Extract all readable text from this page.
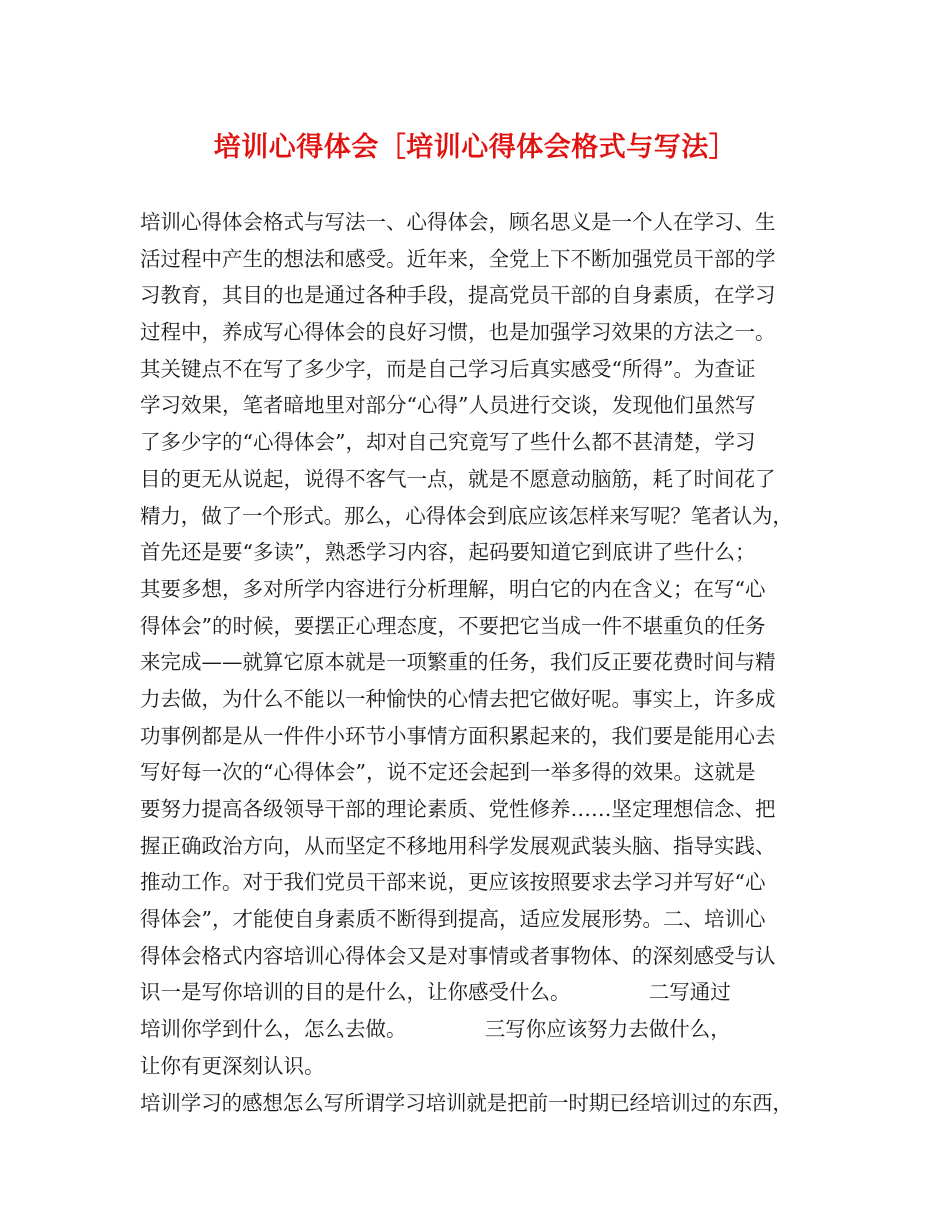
培训心得体会［培训心得体会格式与写法］
培训心得体会格式与写法一、心得体会，顾名思义是一个人在学习、生
活过程中产生的想法和感受。近年来，全党上下不断加强党员干部的学
习教育，其目的也是通过各种手段，提高党员干部的自身素质，在学习
过程中，养成写心得体会的良好习惯，也是加强学习效果的方法之一。
其关键点不在写了多少字，而是自己学习后真实感受“所得”。为查证
学习效果，笔者暗地里对部分“心得”人员进行交谈，发现他们虽然写
了多少字的“心得体会”，却对自己究竟写了些什么都不甚清楚，学习
目的更无从说起，说得不客气一点，就是不愿意动脑筋，耗了时间花了
精力，做了一个形式。那么，心得体会到底应该怎样来写呢？笔者认为，
首先还是要“多读”，熟悉学习内容，起码要知道它到底讲了些什么；
其要多想，多对所学内容进行分析理解，明白它的内在含义；在写“心
得体会”的时候，要摆正心理态度，不要把它当成一件不堪重负的任务
来完成——就算它原本就是一项繁重的任务，我们反正要花费时间与精
力去做，为什么不能以一种愉快的心情去把它做好呢。事实上，许多成
功事例都是从一件件小环节小事情方面积累起来的，我们要是能用心去
写好每一次的“心得体会”，说不定还会起到一举多得的效果。这就是
要努力提高各级领导干部的理论素质、党性修养……坚定理想信念、把
握正确政治方向，从而坚定不移地用科学发展观武装头脑、指导实践、
推动工作。对于我们党员干部来说，更应该按照要求去学习并写好“心
得体会”，才能使自身素质不断得到提高，适应发展形势。二、培训心
得体会格式内容培训心得体会又是对事情或者事物体、的深刻感受与认
识一是写你培训的目的是什么，让你感受什么。            二写通过
培训你学到什么，怎么去做。            三写你应该努力去做什么，
让你有更深刻认识。
培训学习的感想怎么写所谓学习培训就是把前一时期已经培训过的东西，
